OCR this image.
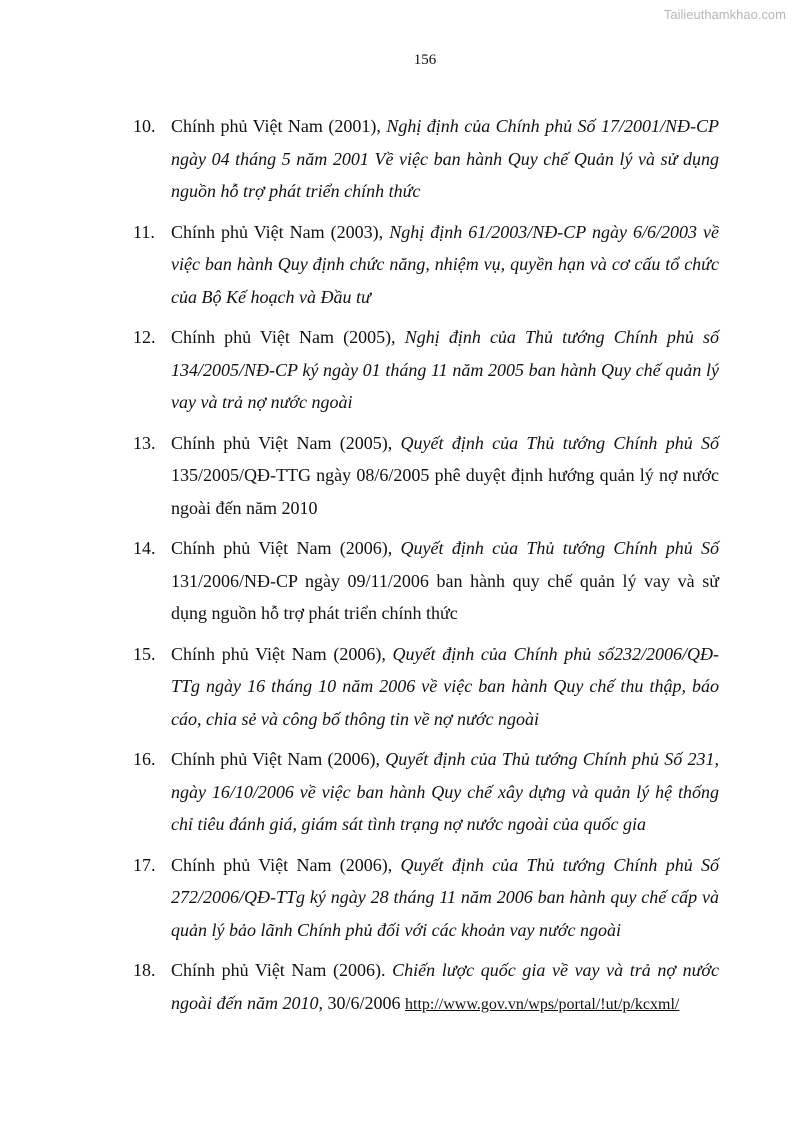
Tailieuthamkhao.com
156
10. Chính phủ Việt Nam (2001), Nghị định của Chính phủ Số 17/2001/NĐ-CP ngày 04 tháng 5 năm 2001 Về việc ban hành Quy chế Quản lý và sử dụng nguồn hỗ trợ phát triển chính thức
11. Chính phủ Việt Nam (2003), Nghị định 61/2003/NĐ-CP ngày 6/6/2003 về việc ban hành Quy định chức năng, nhiệm vụ, quyền hạn và cơ cấu tổ chức của Bộ Kế hoạch và Đầu tư
12. Chính phủ Việt Nam (2005), Nghị định của Thủ tướng Chính phủ số 134/2005/NĐ-CP ký ngày 01 tháng 11 năm 2005 ban hành Quy chế quản lý vay và trả nợ nước ngoài
13. Chính phủ Việt Nam (2005), Quyết định của Thủ tướng Chính phủ Số 135/2005/QĐ-TTG ngày 08/6/2005 phê duyệt định hướng quản lý nợ nước ngoài đến năm 2010
14. Chính phủ Việt Nam (2006), Quyết định của Thủ tướng Chính phủ Số 131/2006/NĐ-CP ngày 09/11/2006 ban hành quy chế quản lý vay và sử dụng nguồn hỗ trợ phát triển chính thức
15. Chính phủ Việt Nam (2006), Quyết định của Chính phủ số232/2006/QĐ-TTg ngày 16 tháng 10 năm 2006 về việc ban hành Quy chế thu thập, báo cáo, chia sẻ và công bố thông tin về nợ nước ngoài
16. Chính phủ Việt Nam (2006), Quyết định của Thủ tướng Chính phủ Số 231, ngày 16/10/2006 về việc ban hành Quy chế xây dựng và quản lý hệ thống chỉ tiêu đánh giá, giám sát tình trạng nợ nước ngoài của quốc gia
17. Chính phủ Việt Nam (2006), Quyết định của Thủ tướng Chính phủ Số 272/2006/QĐ-TTg ký ngày 28 tháng 11 năm 2006 ban hành quy chế cấp và quản lý bảo lãnh Chính phủ đối với các khoản vay nước ngoài
18. Chính phủ Việt Nam (2006). Chiến lược quốc gia về vay và trả nợ nước ngoài đến năm 2010, 30/6/2006 http://www.gov.vn/wps/portal/!ut/p/kcxml/
